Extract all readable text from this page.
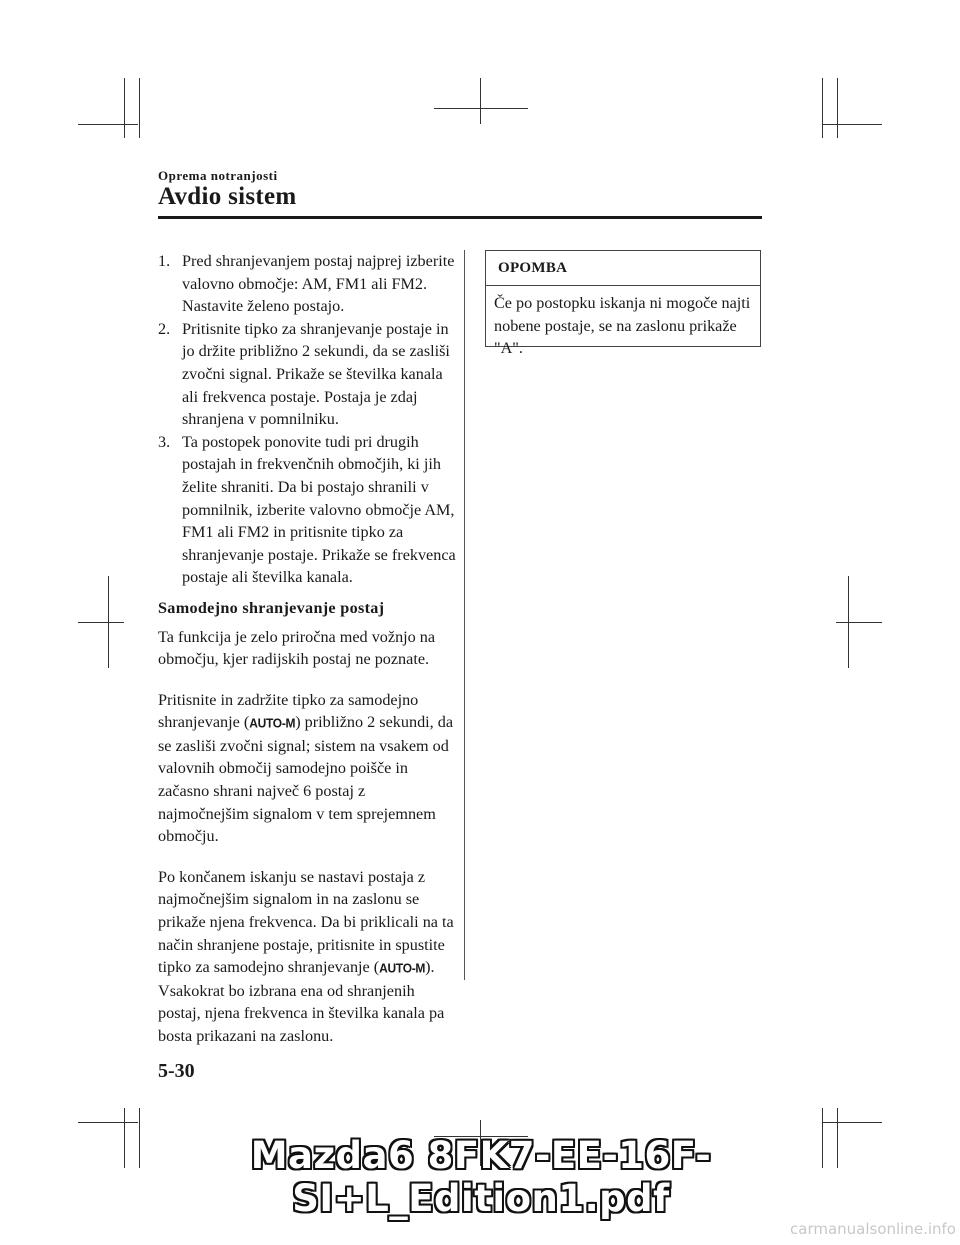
Oprema notranjosti
Avdio sistem
1. Pred shranjevanjem postaj najprej izberite valovno območje: AM, FM1 ali FM2. Nastavite želeno postajo.
2. Pritisnite tipko za shranjevanje postaje in jo držite približno 2 sekundi, da se zasliši zvočni signal. Prikaže se številka kanala ali frekvenca postaje. Postaja je zdaj shranjena v pomnilniku.
3. Ta postopek ponovite tudi pri drugih postajah in frekvenčnih območjih, ki jih želite shraniti. Da bi postajo shranili v pomnilnik, izberite valovno območje AM, FM1 ali FM2 in pritisnite tipko za shranjevanje postaje. Prikaže se frekvenca postaje ali številka kanala.
Samodejno shranjevanje postaj

Ta funkcija je zelo priročna med vožnjo na območju, kjer radijskih postaj ne poznate.

Pritisnite in zadržite tipko za samodejno shranjevanje (AUTO-M) približno 2 sekundi, da se zasliši zvočni signal; sistem na vsakem od valovnih območij samodejno poišče in začasno shrani največ 6 postaj z najmočnejšim signalom v tem sprejemnem območju.

Po končanem iskanju se nastavi postaja z najmočnejšim signalom in na zaslonu se prikaže njena frekvenca. Da bi priklicali na ta način shranjene postaje, pritisnite in spustite tipko za samodejno shranjevanje (AUTO-M). Vsakokrat bo izbrana ena od shranjenih postaj, njena frekvenca in številka kanala pa bosta prikazani na zaslonu.

OPOMBA
Če po postopku iskanja ni mogoče najti nobene postaje, se na zaslonu prikaže "A".
5-30
Mazda6 8FK7-EE-16F-SI+L_Edition1.pdf
carmanualsonline.info
